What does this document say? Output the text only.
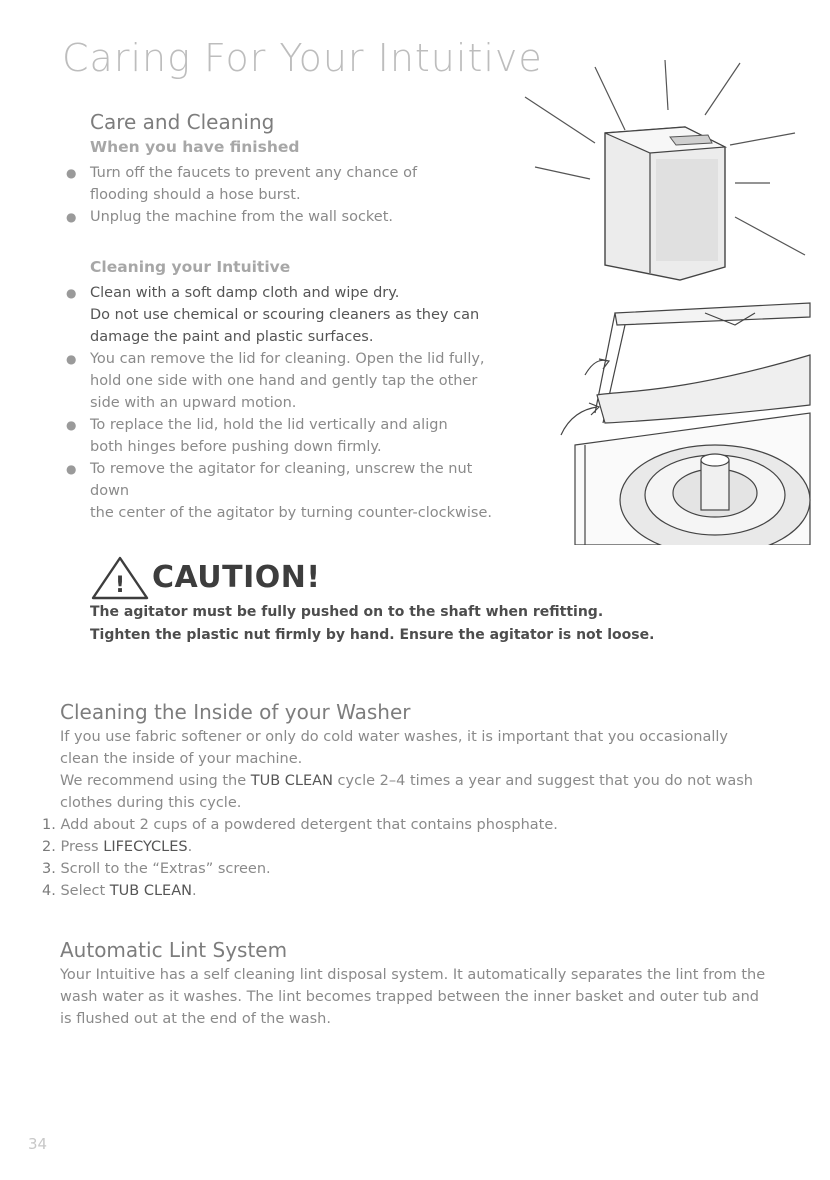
Caring For Your Intuitive
Care and Cleaning
When you have finished
● Turn off the faucets to prevent any chance of
flooding should a hose burst.
● Unplug the machine from the wall socket.
Cleaning your Intuitive
● Clean with a soft damp cloth and wipe dry.
Do not use chemical or scouring cleaners as they can
damage the paint and plastic surfaces.
● You can remove the lid for cleaning. Open the lid fully,
hold one side with one hand and gently tap the other
side with an upward motion.
● To replace the lid, hold the lid vertically and align
both hinges before pushing down firmly.
● To remove the agitator for cleaning, unscrew the nut down
the center of the agitator by turning counter-clockwise.
! CAUTION!
The agitator must be fully pushed on to the shaft when refitting.
Tighten the plastic nut firmly by hand. Ensure the agitator is not loose.
Cleaning the Inside of your Washer
If you use fabric softener or only do cold water washes, it is important that you occasionally
clean the inside of your machine.
We recommend using the TUB CLEAN cycle 2–4 times a year and suggest that you do not wash
clothes during this cycle.
1. Add about 2 cups of a powdered detergent that contains phosphate.
2. Press LIFECYCLES.
3. Scroll to the “Extras” screen.
4. Select TUB CLEAN.
Automatic Lint System
Your Intuitive has a self cleaning lint disposal system. It automatically separates the lint from the
wash water as it washes. The lint becomes trapped between the inner basket and outer tub and
is flushed out at the end of the wash.
34
